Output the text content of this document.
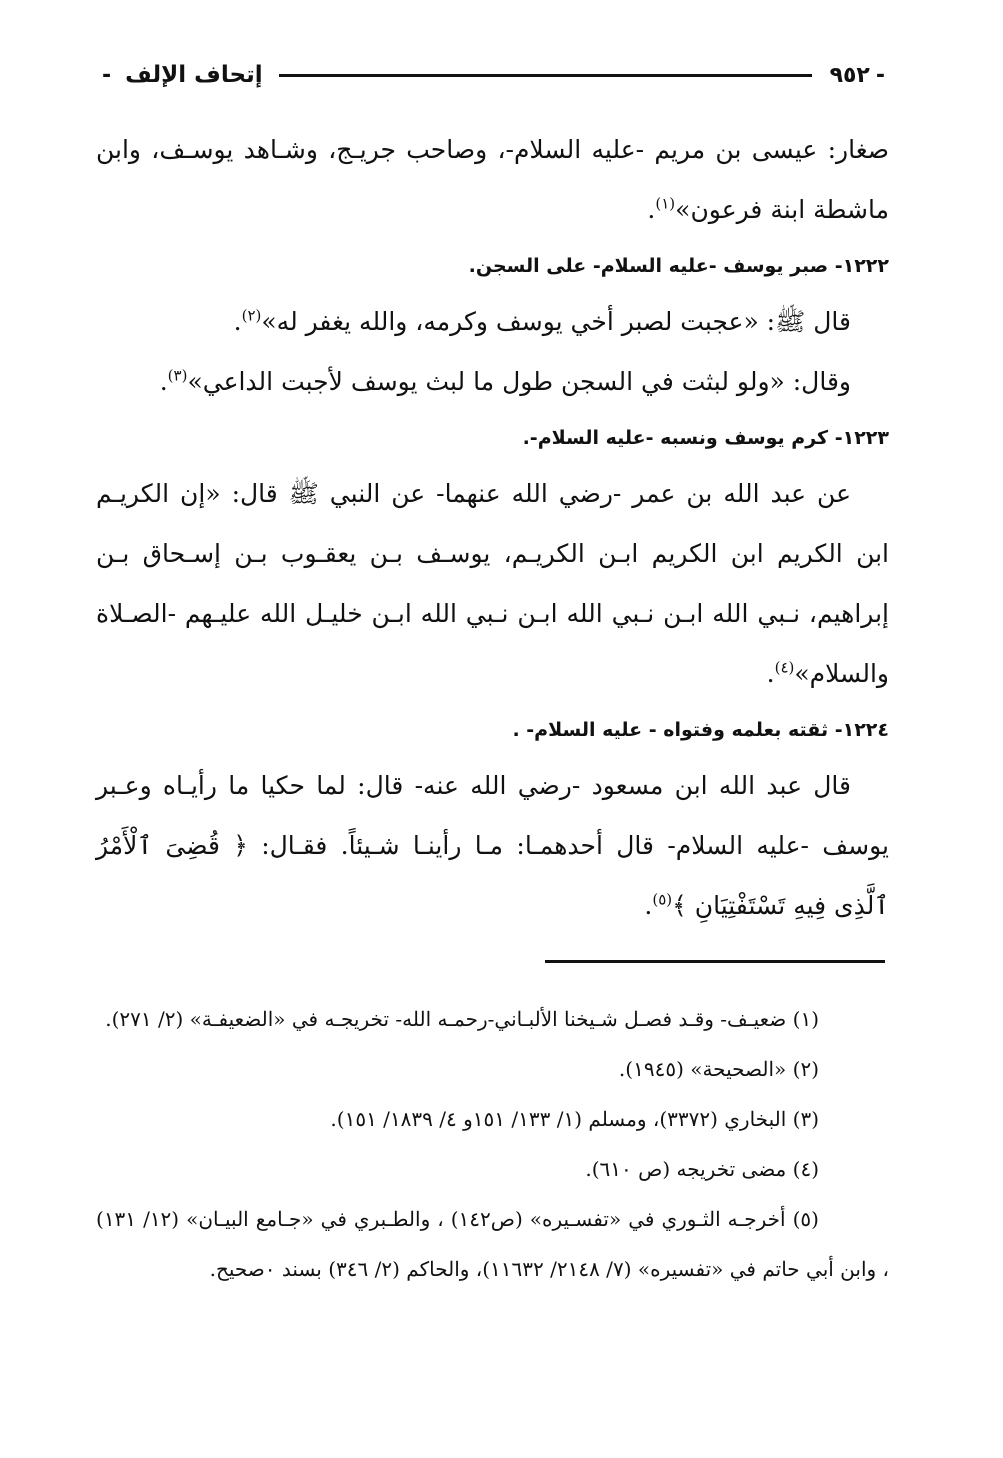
-
٩٥٢
إتحاف الإلف
-

صغار: عيسى بن مريم -عليه السلام-، وصاحب جريـج، وشـاهد يوسـف، وابن ماشطة ابنة فرعون»$^{(١)}$.

١٢٢٢- صبر يوسف -عليه السلام- على السجن.

قال ﷺ: «عجبت لصبر أخي يوسف وكرمه، والله يغفر له»$^{(٢)}$.

وقال: «ولو لبثت في السجن طول ما لبث يوسف لأجبت الداعي»$^{(٣)}$.

١٢٢٣- كرم يوسف ونسبه -عليه السلام-.

عن عبد الله بن عمر -رضي الله عنهما- عن النبي ﷺ قال: «إن الكريـم ابن الكريم ابن الكريم ابـن الكريـم، يوسـف بـن يعقـوب بـن إسـحاق بـن إبراهيم، نـبي الله ابـن نـبي الله ابـن نـبي الله ابـن خليـل الله عليـهم -الصـلاة والسلام»$^{(٤)}$.

١٢٢٤- ثقته بعلمه وفتواه - عليه السلام- .

قال عبد الله ابن مسعود -رضي الله عنه- قال: لما حكيا ما رأيـاه وعـبر يوسف -عليه السلام- قال أحدهمـا: مـا رأينـا شـيئاً. فقـال: ﴿ قُضِىَ ٱلْأَمْرُ ٱلَّذِى فِيهِ تَسْتَفْتِيَانِ ﴾$^{(٥)}$.

(١) ضعيـف- وقـد فصـل شـيخنا الألبـاني-رحمـه الله- تخريجـه في «الضعيفـة» (٢/ ٢٧١).

(٢) «الصحيحة» (١٩٤٥).

(٣) البخاري (٣٣٧٢)، ومسلم (١/ ١٣٣/ ١٥١و ٤/ ١٨٣٩/ ١٥١).

(٤) مضى تخريجه (ص ٦١٠).

(٥) أخرجـه الثـوري في «تفسـيره» (ص١٤٢) ، والطـبري في «جـامع البيـان» (١٢/ ١٣١) ، وابن أبي حاتم في «تفسيره» (٧/ ٢١٤٨/ ١١٦٣٢)، والحاكم (٢/ ٣٤٦) بسند ٠صحيح.
